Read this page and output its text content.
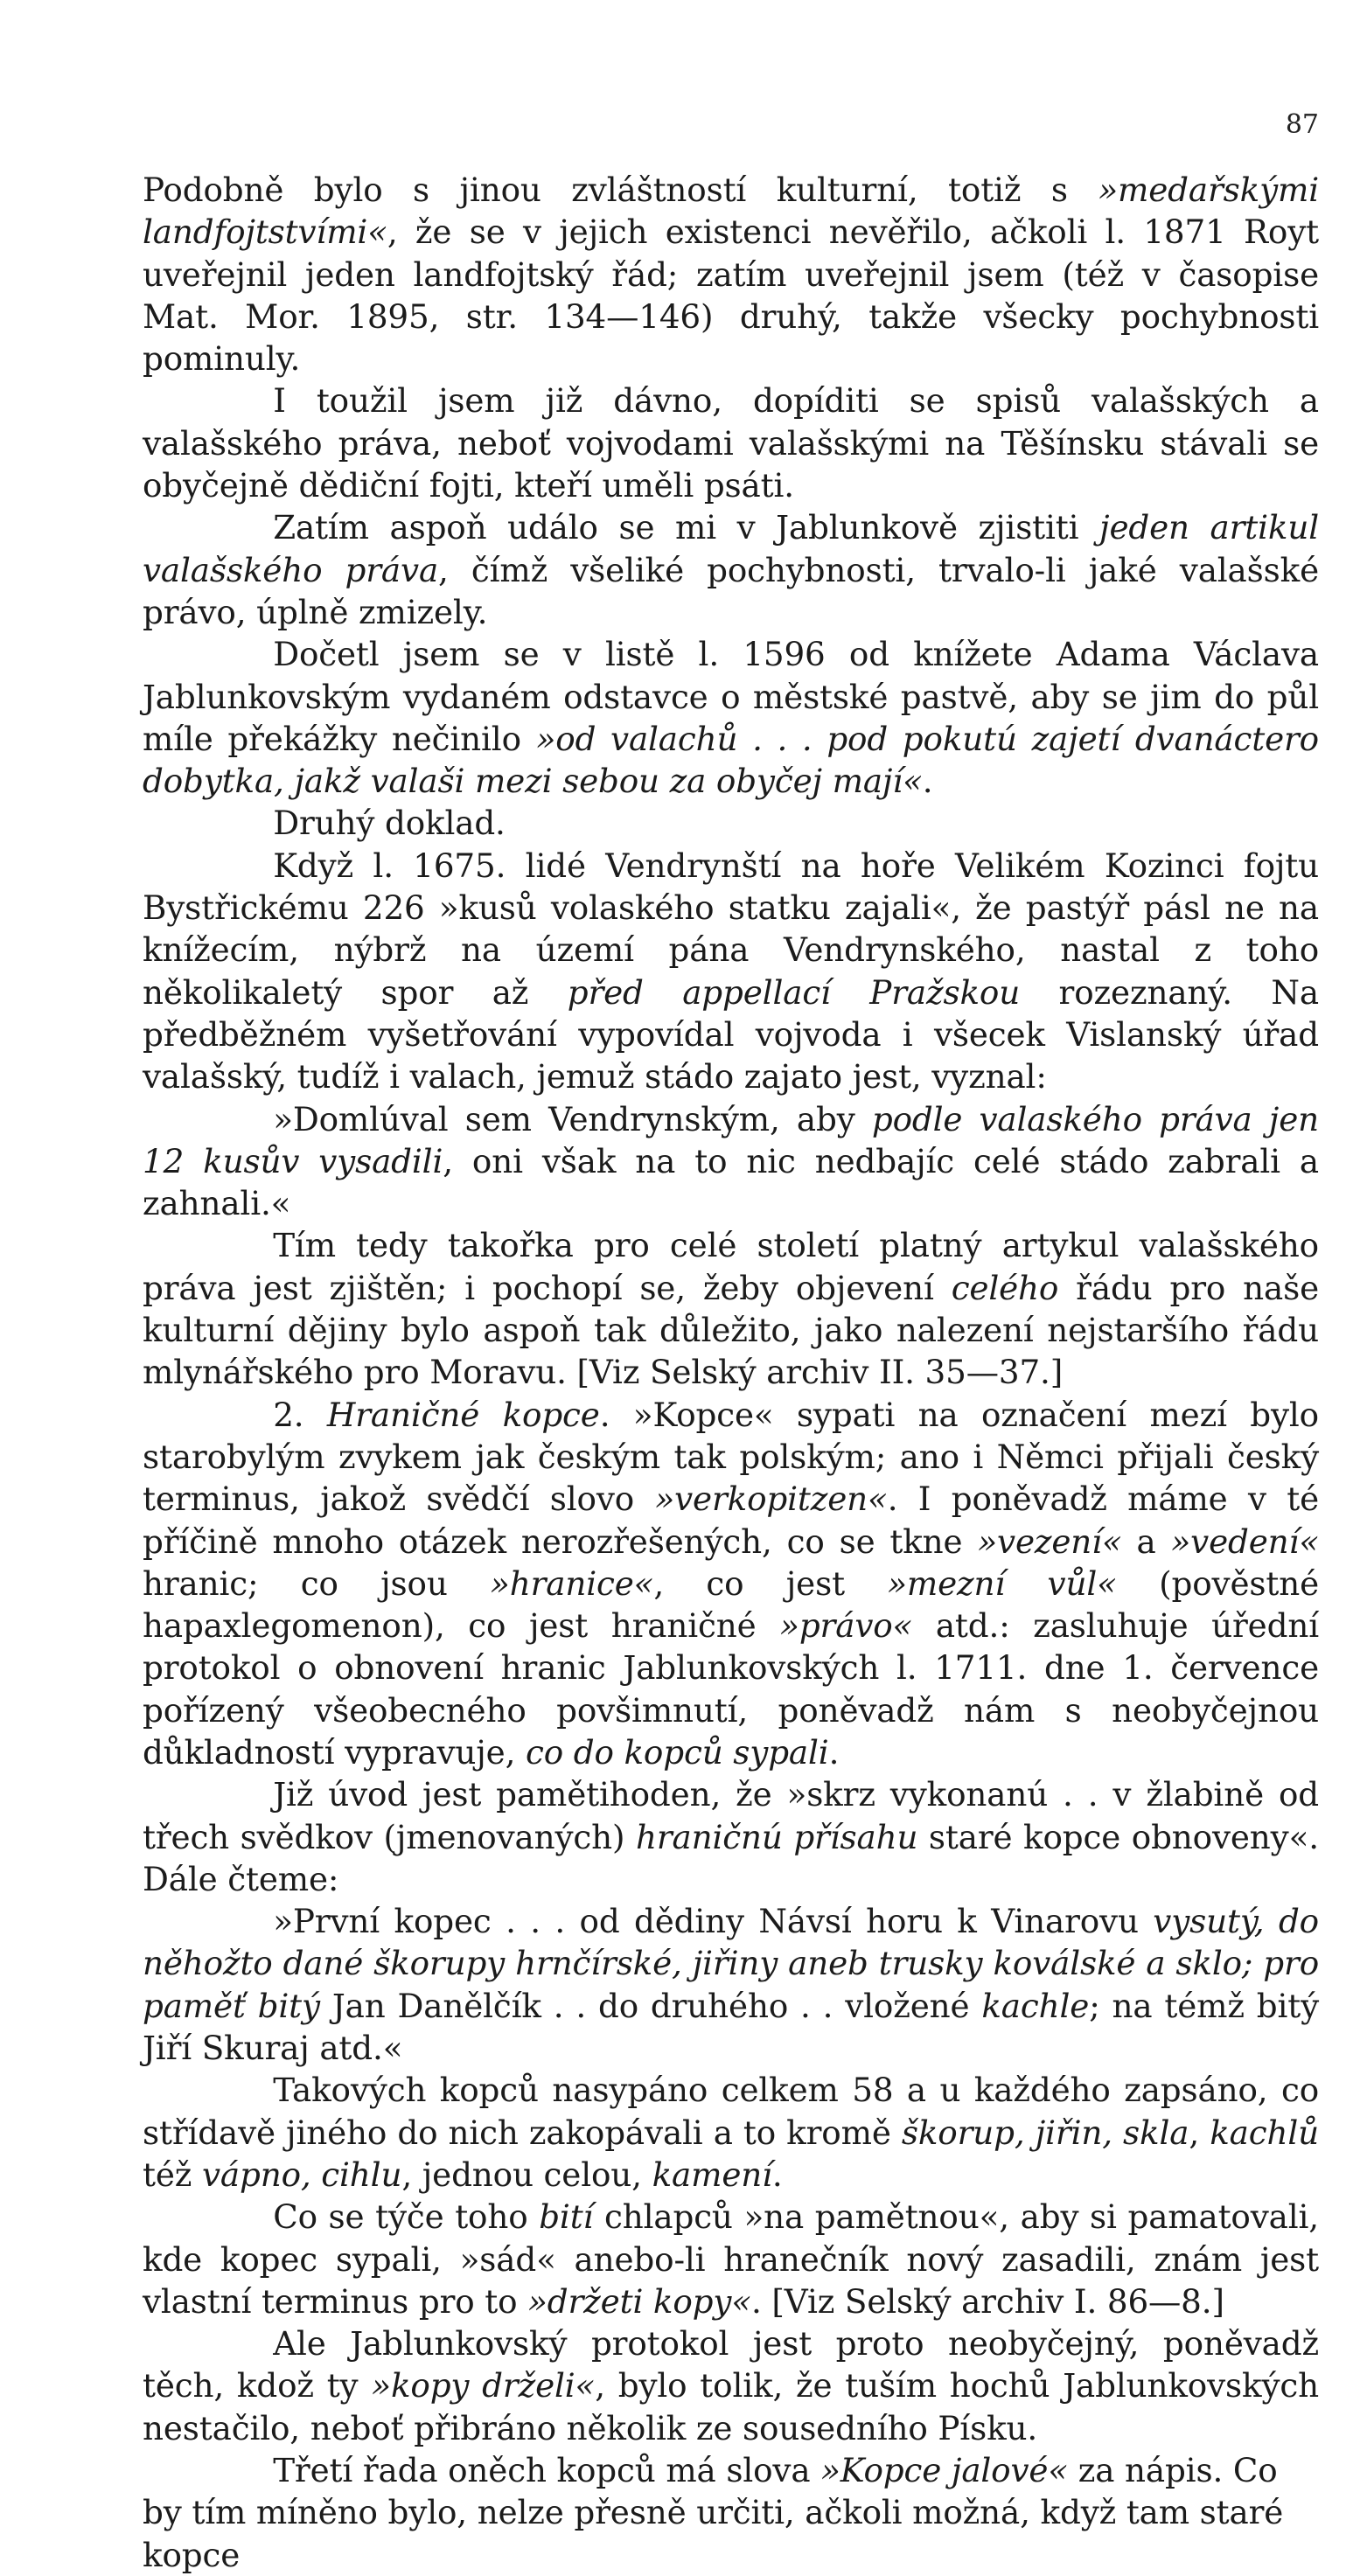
87

Podobně bylo s jinou zvláštností kulturní, totiž s »medařskými landfojtstvími«, že se v jejich existenci nevěřilo, ačkoli l. 1871 Royt uveřejnil jeden landfojtský řád; zatím uveřejnil jsem (též v časopise Mat. Mor. 1895, str. 134—146) druhý, takže všecky pochybnosti pominuly.

I toužil jsem již dávno, dopíditi se spisů valašských a valašského práva, neboť vojvodami valašskými na Těšínsku stávali se obyčejně dědiční fojti, kteří uměli psáti.

Zatím aspoň událo se mi v Jablunkově zjistiti jeden artikul valašského práva, čímž všeliké pochybnosti, trvalo-li jaké valašské právo, úplně zmizely.

Dočetl jsem se v listě l. 1596 od knížete Adama Václava Jablunkovským vydaném odstavce o městské pastvě, aby se jim do půl míle překážky nečinilo »od valachů . . . pod pokutú zajetí dvanáctero dobytka, jakž valaši mezi sebou za obyčej mají«.

Druhý doklad.

Když l. 1675. lidé Vendrynští na hoře Velikém Kozinci fojtu Bystřickému 226 »kusů volaského statku zajali«, že pastýř pásl ne na knížecím, nýbrž na území pána Vendrynského, nastal z toho několikaletý spor až před appellací Pražskou rozeznaný. Na předběžném vyšetřování vypovídal vojvoda i všecek Vislanský úřad valašský, tudíž i valach, jemuž stádo zajato jest, vyznal:

»Domlúval sem Vendrynským, aby podle valaského práva jen 12 kusův vysadili, oni však na to nic nedbajíc celé stádo zabrali a zahnali.«

Tím tedy takořka pro celé století platný artykul valašského práva jest zjištěn; i pochopí se, žeby objevení celého řádu pro naše kulturní dějiny bylo aspoň tak důležito, jako nalezení nejstaršího řádu mlynářského pro Moravu. [Viz Selský archiv II. 35—37.]

2. Hraničné kopce. »Kopce« sypati na označení mezí bylo starobylým zvykem jak českým tak polským; ano i Němci přijali český terminus, jakož svědčí slovo »verkopitzen«. I poněvadž máme v té příčině mnoho otázek nerozřešených, co se tkne »vezení« a »vedení« hranic; co jsou »hranice«, co jest »mezní vůl« (pověstné hapaxlegomenon), co jest hraničné »právo« atd.: zasluhuje úřední protokol o obnovení hranic Jablunkovských l. 1711. dne 1. července pořízený všeobecného povšimnutí, poněvadž nám s neobyčejnou důkladností vypravuje, co do kopců sypali.

Již úvod jest pamětihoden, že »skrz vykonanú . . v žlabině od třech svědkov (jmenovaných) hraničnú přísahu staré kopce obnoveny«. Dále čteme:

»První kopec . . . od dědiny Návsí horu k Vinarovu vysutý, do něhožto dané škorupy hrnčírské, jiřiny aneb trusky koválské a sklo; pro paměť bitý Jan Danělčík . . do druhého . . vložené kachle; na témž bitý Jiří Skuraj atd.«

Takových kopců nasypáno celkem 58 a u každého zapsáno, co střídavě jiného do nich zakopávali a to kromě škorup, jiřin, skla, kachlů též vápno, cihlu, jednou celou, kamení.

Co se týče toho bití chlapců »na pamětnou«, aby si pamatovali, kde kopec sypali, »sád« anebo-li hranečník nový zasadili, znám jest vlastní terminus pro to »držeti kopy«. [Viz Selský archiv I. 86—8.]

Ale Jablunkovský protokol jest proto neobyčejný, poněvadž těch, kdož ty »kopy drželi«, bylo tolik, že tuším hochů Jablunkovských nestačilo, neboť přibráno několik ze sousedního Písku.

Třetí řada oněch kopců má slova »Kopce jalové« za nápis. Co by tím míněno bylo, nelze přesně určiti, ačkoli možná, když tam staré kopce
